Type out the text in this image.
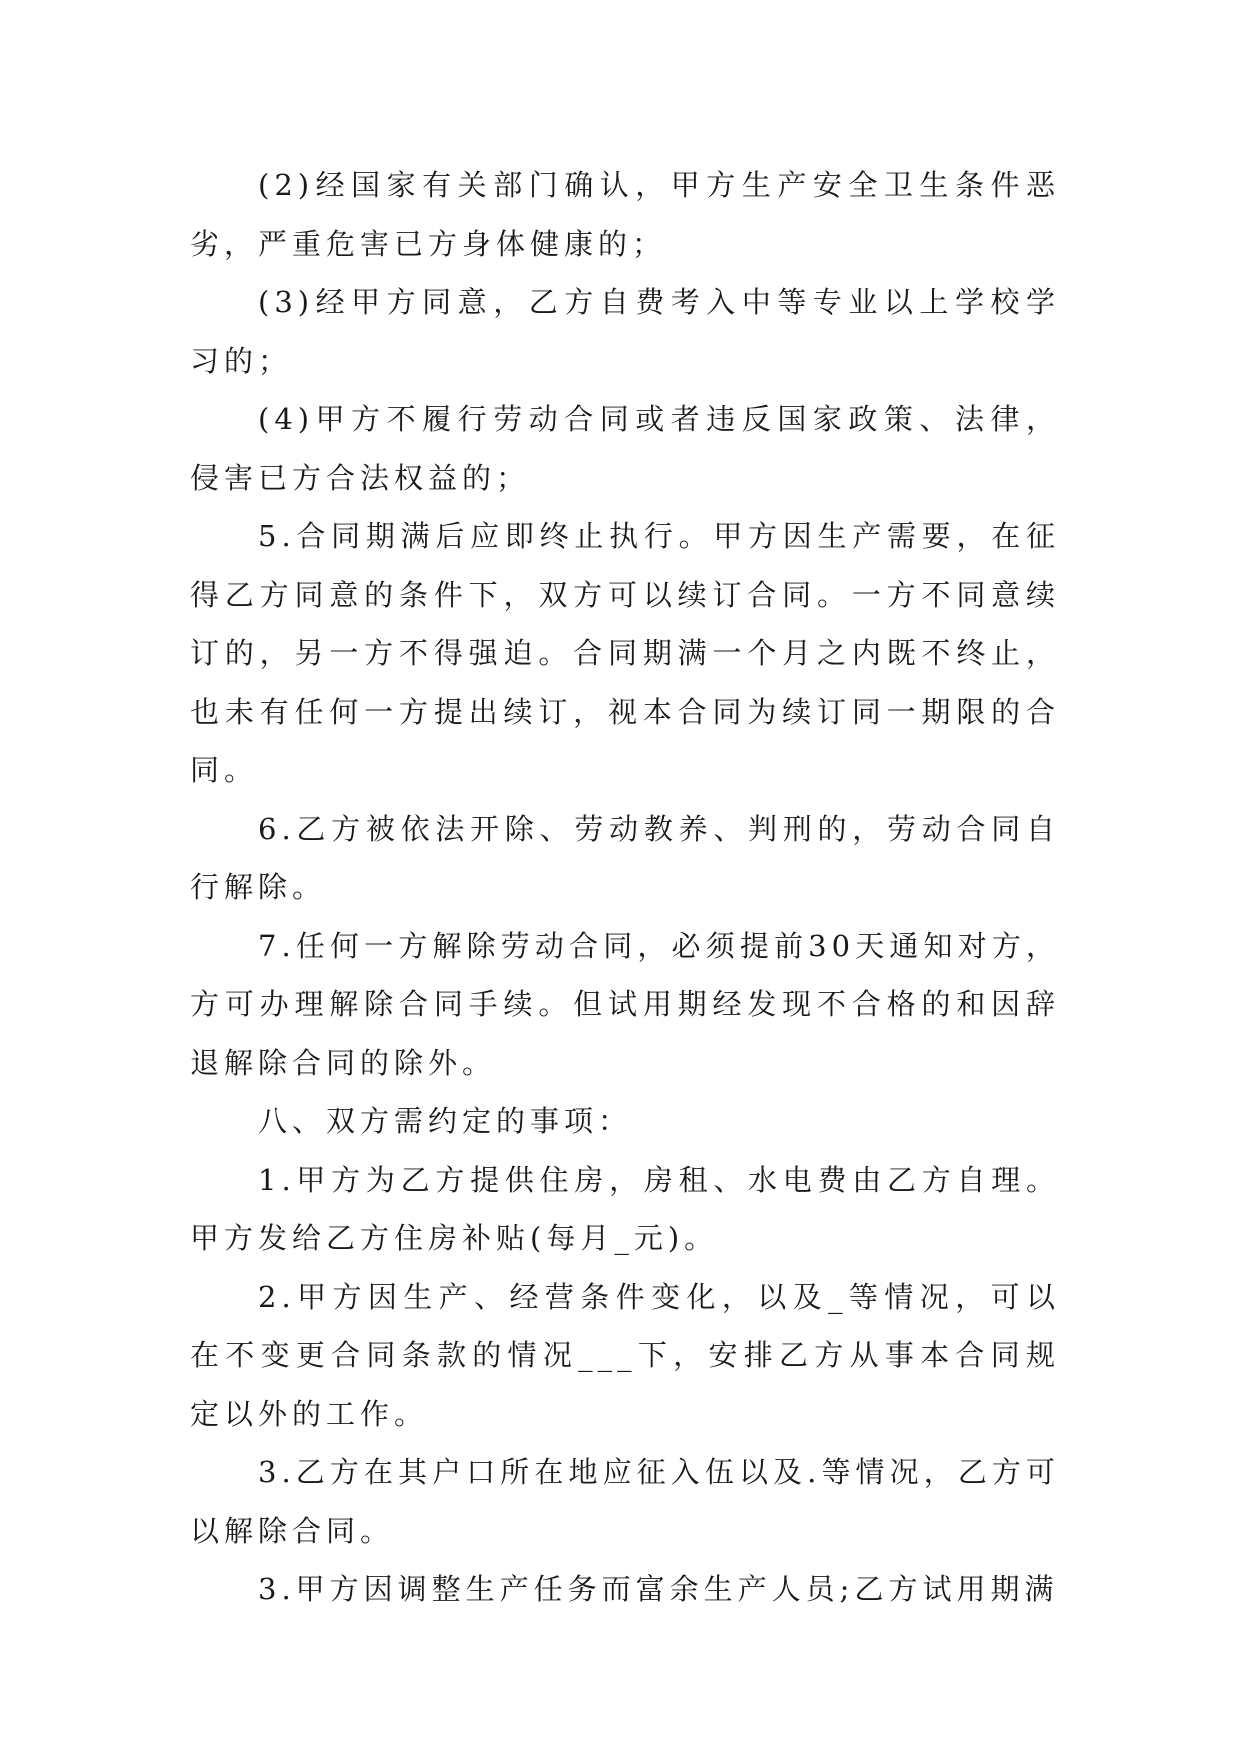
(2)经国家有关部门确认，甲方生产安全卫生条件恶劣，严重危害已方身体健康的；

(3)经甲方同意，乙方自费考入中等专业以上学校学习的；

(4)甲方不履行劳动合同或者违反国家政策、法律，侵害已方合法权益的；

5.合同期满后应即终止执行。甲方因生产需要，在征得乙方同意的条件下，双方可以续订合同。一方不同意续订的，另一方不得强迫。合同期满一个月之内既不终止，也未有任何一方提出续订，视本合同为续订同一期限的合同。

6.乙方被依法开除、劳动教养、判刑的，劳动合同自行解除。

7.任何一方解除劳动合同，必须提前30天通知对方，方可办理解除合同手续。但试用期经发现不合格的和因辞退解除合同的除外。

八、双方需约定的事项：

1.甲方为乙方提供住房，房租、水电费由乙方自理。甲方发给乙方住房补贴(每月_元)。

2.甲方因生产、经营条件变化，以及_等情况，可以在不变更合同条款的情况___下，安排乙方从事本合同规定以外的工作。

3.乙方在其户口所在地应征入伍以及.等情况，乙方可以解除合同。

3.甲方因调整生产任务而富余生产人员;乙方试用期满
